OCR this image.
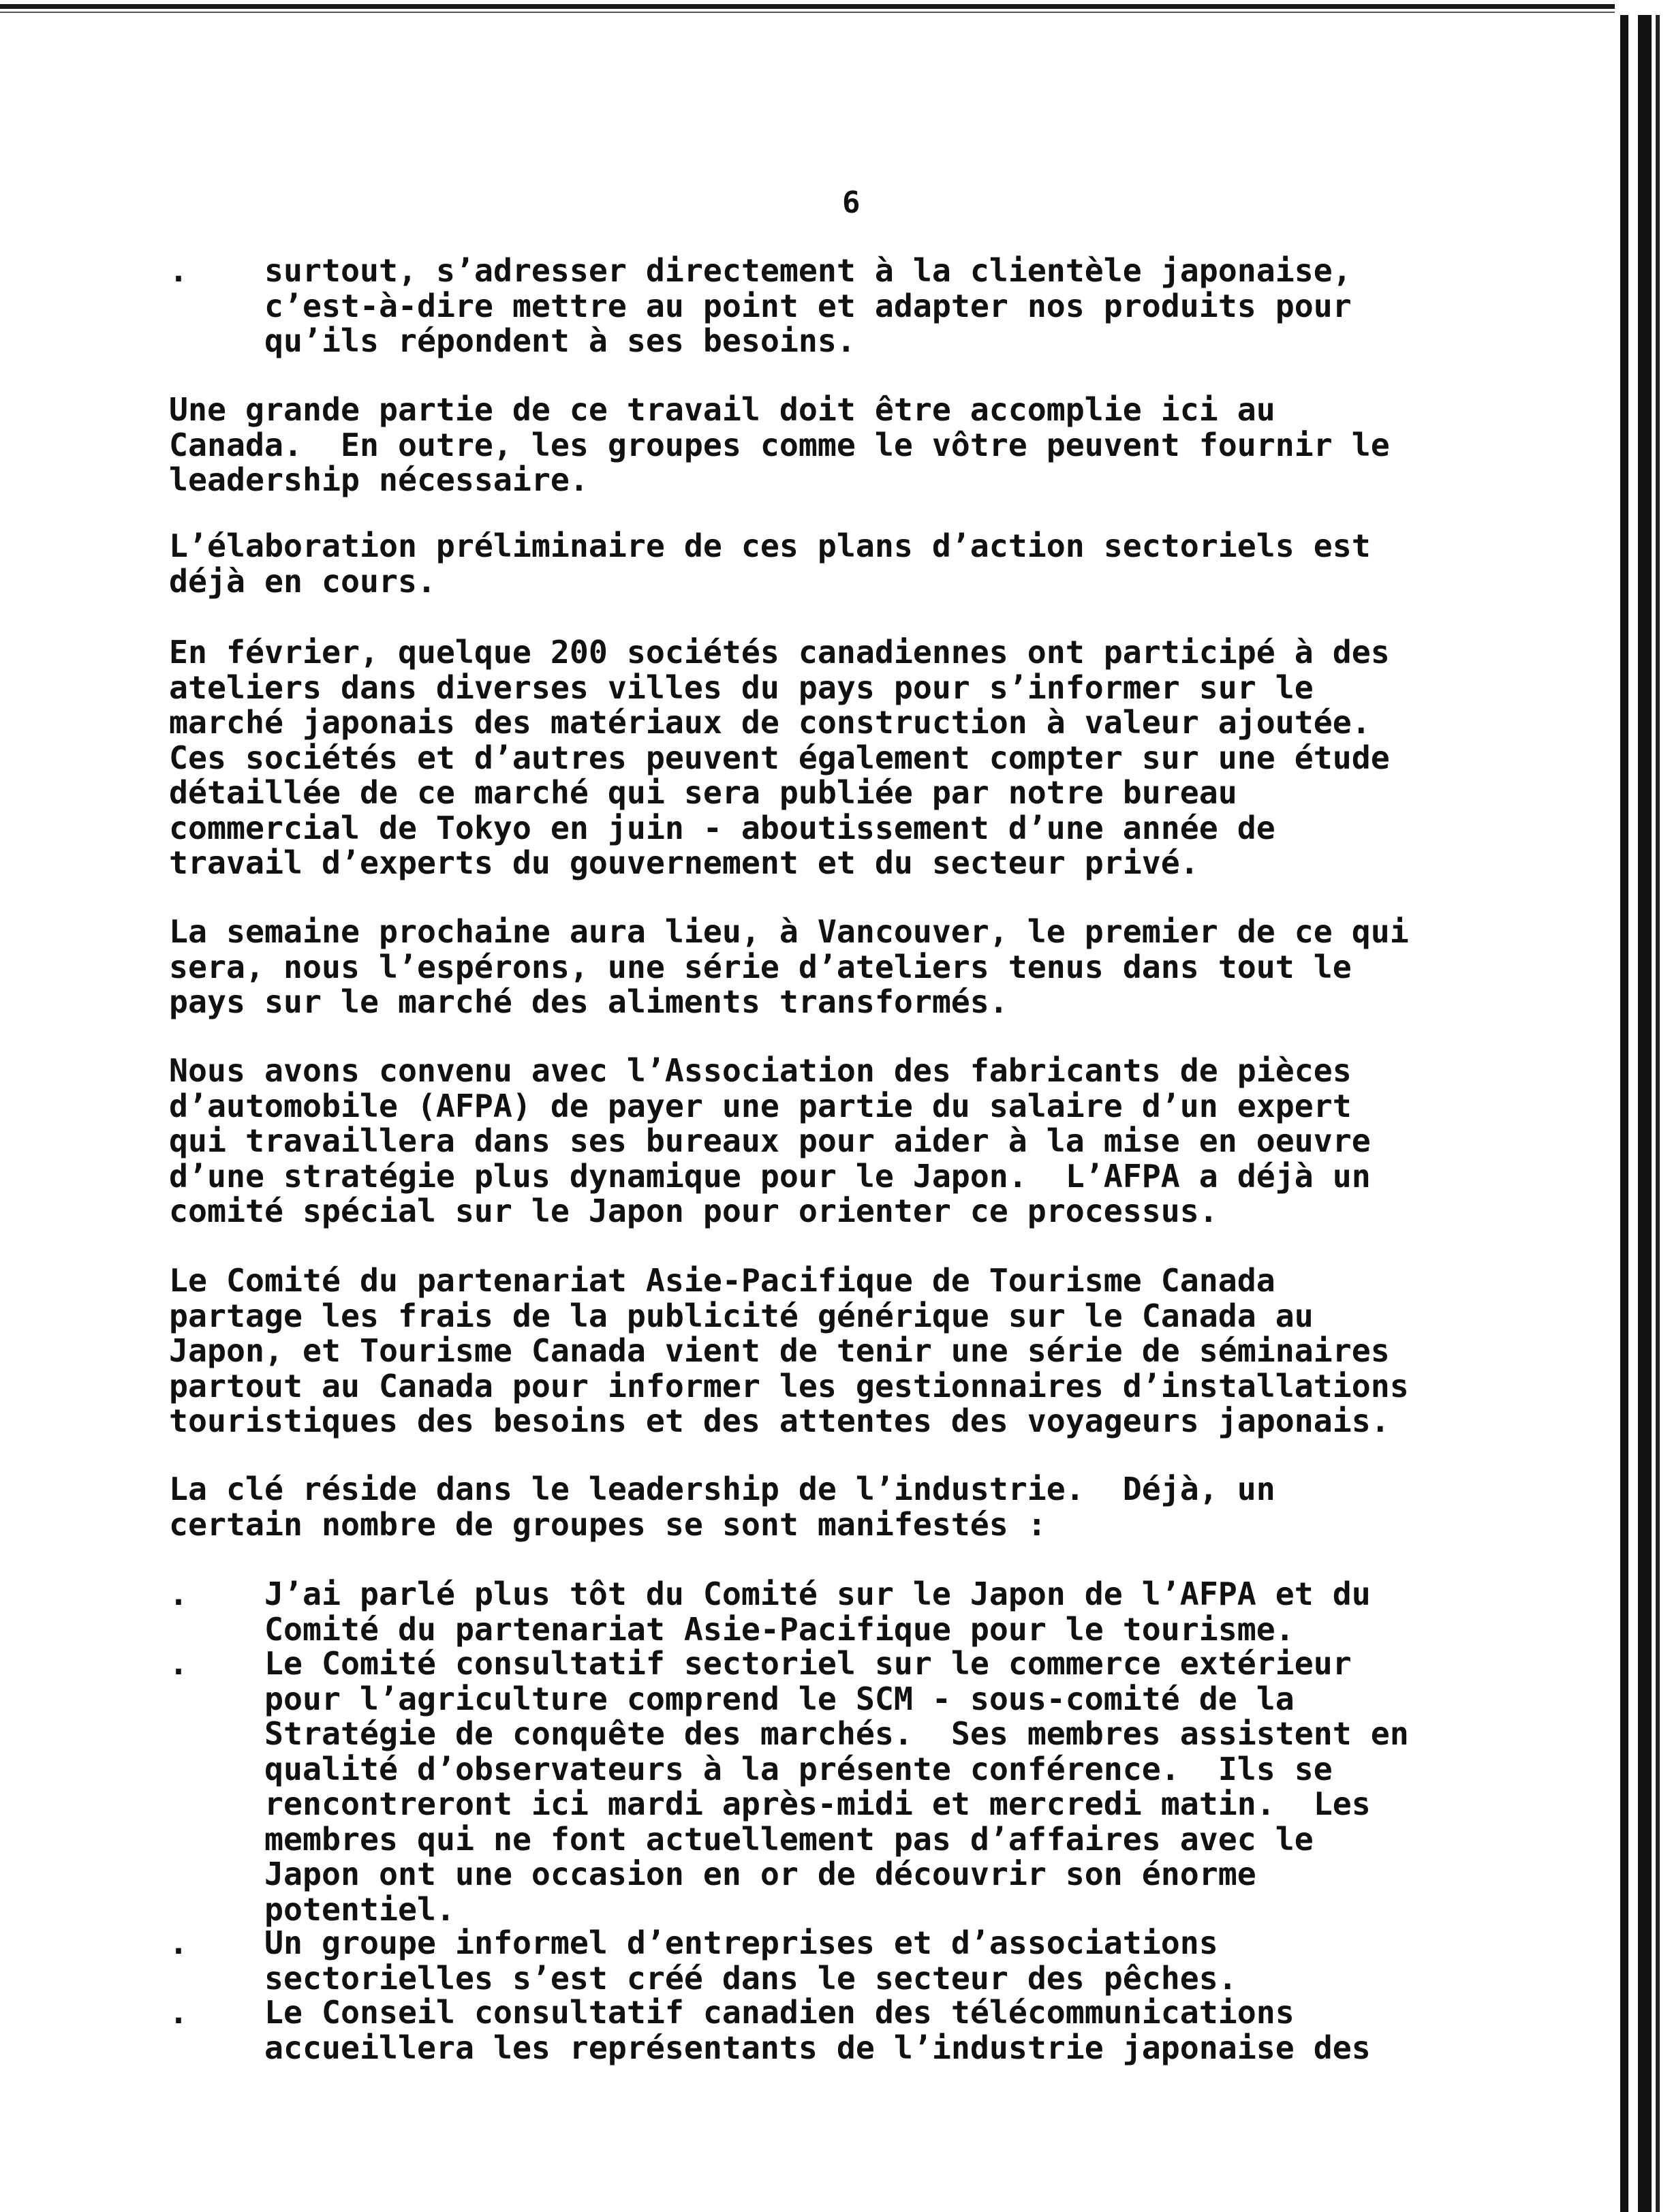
6
. surtout, s’adresser directement à la clientèle japonaise,
c’est-à-dire mettre au point et adapter nos produits pour
qu’ils répondent à ses besoins.

Une grande partie de ce travail doit être accomplie ici au
Canada.  En outre, les groupes comme le vôtre peuvent fournir le
leadership nécessaire.

L’élaboration préliminaire de ces plans d’action sectoriels est
déjà en cours.

En février, quelque 200 sociétés canadiennes ont participé à des
ateliers dans diverses villes du pays pour s’informer sur le
marché japonais des matériaux de construction à valeur ajoutée.
Ces sociétés et d’autres peuvent également compter sur une étude
détaillée de ce marché qui sera publiée par notre bureau
commercial de Tokyo en juin - aboutissement d’une année de
travail d’experts du gouvernement et du secteur privé.

La semaine prochaine aura lieu, à Vancouver, le premier de ce qui
sera, nous l’espérons, une série d’ateliers tenus dans tout le
pays sur le marché des aliments transformés.

Nous avons convenu avec l’Association des fabricants de pièces
d’automobile (AFPA) de payer une partie du salaire d’un expert
qui travaillera dans ses bureaux pour aider à la mise en oeuvre
d’une stratégie plus dynamique pour le Japon.  L’AFPA a déjà un
comité spécial sur le Japon pour orienter ce processus.

Le Comité du partenariat Asie-Pacifique de Tourisme Canada
partage les frais de la publicité générique sur le Canada au
Japon, et Tourisme Canada vient de tenir une série de séminaires
partout au Canada pour informer les gestionnaires d’installations
touristiques des besoins et des attentes des voyageurs japonais.

La clé réside dans le leadership de l’industrie.  Déjà, un
certain nombre de groupes se sont manifestés :

. J’ai parlé plus tôt du Comité sur le Japon de l’AFPA et du
Comité du partenariat Asie-Pacifique pour le tourisme.

. Le Comité consultatif sectoriel sur le commerce extérieur
pour l’agriculture comprend le SCM - sous-comité de la
Stratégie de conquête des marchés.  Ses membres assistent en
qualité d’observateurs à la présente conférence.  Ils se
rencontreront ici mardi après-midi et mercredi matin.  Les
membres qui ne font actuellement pas d’affaires avec le
Japon ont une occasion en or de découvrir son énorme
potentiel.

. Un groupe informel d’entreprises et d’associations
sectorielles s’est créé dans le secteur des pêches.

. Le Conseil consultatif canadien des télécommunications
accueillera les représentants de l’industrie japonaise des
